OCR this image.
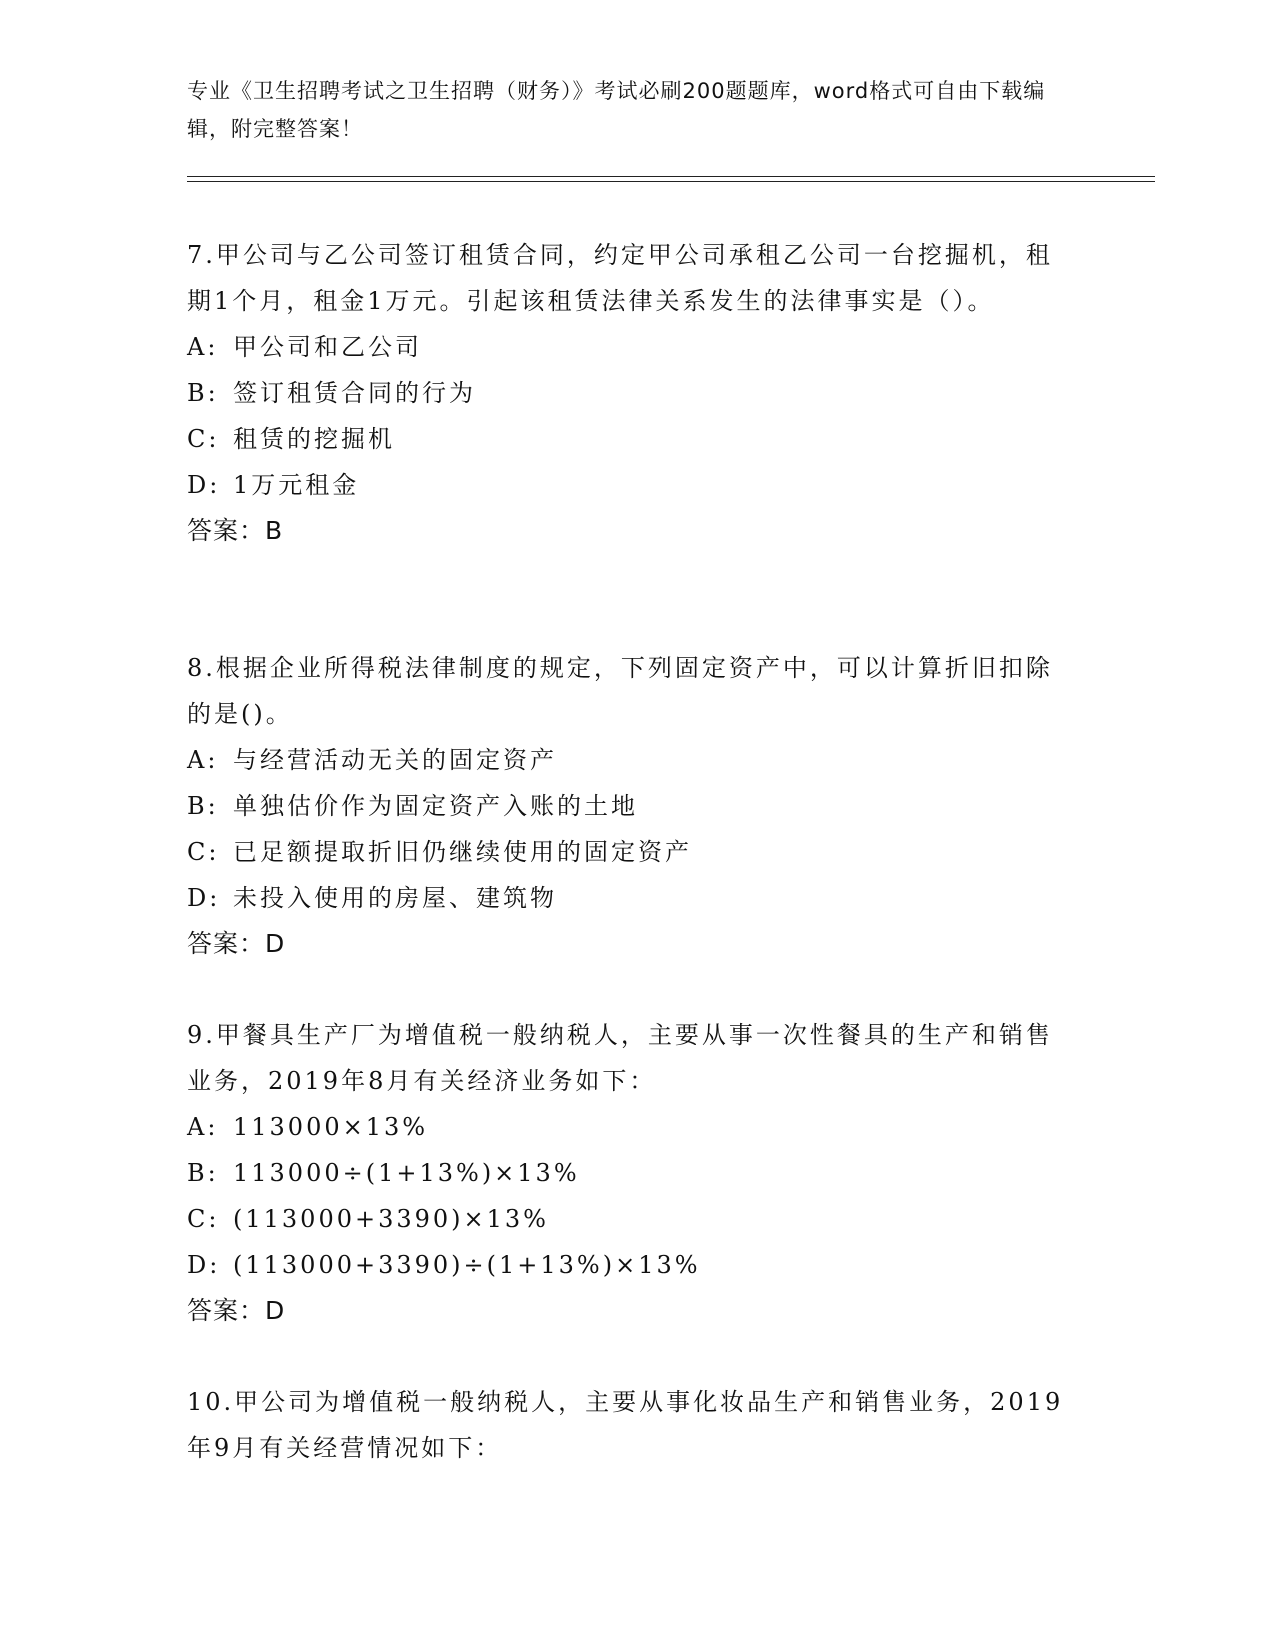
专业《卫生招聘考试之卫生招聘（财务）》考试必刷200题题库，word格式可自由下载编辑，附完整答案！

7.甲公司与乙公司签订租赁合同，约定甲公司承租乙公司一台挖掘机，租期1个月，租金1万元。引起该租赁法律关系发生的法律事实是（）。

A: 甲公司和乙公司

B: 签订租赁合同的行为

C: 租赁的挖掘机

D: 1万元租金

答案：B

8.根据企业所得税法律制度的规定，下列固定资产中，可以计算折旧扣除的是()。

A: 与经营活动无关的固定资产

B: 单独估价作为固定资产入账的土地

C: 已足额提取折旧仍继续使用的固定资产

D: 未投入使用的房屋、建筑物

答案：D

9.甲餐具生产厂为增值税一般纳税人，主要从事一次性餐具的生产和销售业务，2019年8月有关经济业务如下：

A: 113000×13%

B: 113000÷(1+13%)×13%

C: (113000+3390)×13%

D: (113000+3390)÷(1+13%)×13%

答案：D

10.甲公司为增值税一般纳税人，主要从事化妆品生产和销售业务，2019年9月有关经营情况如下：
